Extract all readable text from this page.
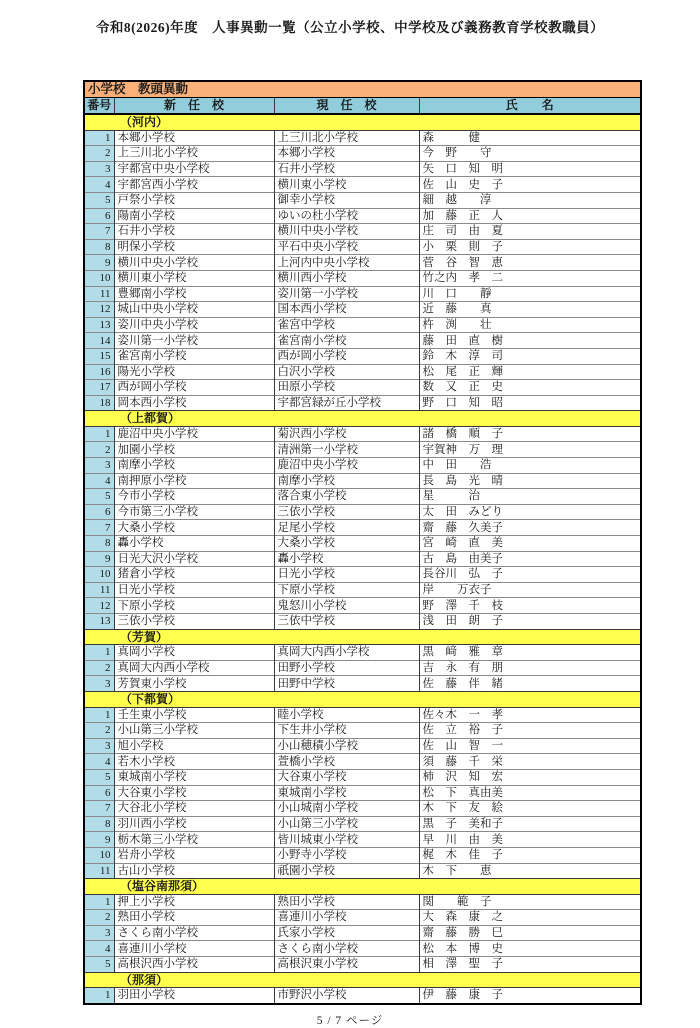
令和8(2026)年度　人事異動一覧（公立小学校、中学校及び義務教育学校教職員）
小学校　教頭異動			
番号	新　任　校	現　任　校	氏　　名
（河内）			
1	本郷小学校	上三川北小学校	森　　　健
2	上三川北小学校	本郷小学校	今　野　　守
3	宇都宮中央小学校	石井小学校	矢　口　知　明
4	宇都宮西小学校	横川東小学校	佐　山　史　子
5	戸祭小学校	御幸小学校	細　越　　淳
6	陽南小学校	ゆいの杜小学校	加　藤　正　人
7	石井小学校	横川中央小学校	庄　司　由　夏
8	明保小学校	平石中央小学校	小　栗　則　子
9	横川中央小学校	上河内中央小学校	菅　谷　智　恵
10	横川東小学校	横川西小学校	竹之内　孝　二
11	豊郷南小学校	姿川第一小学校	川　口　　靜
12	城山中央小学校	国本西小学校	近　藤　　真
13	姿川中央小学校	雀宮中学校	杵　渕　　壮
14	姿川第一小学校	雀宮南小学校	藤　田　直　樹
15	雀宮南小学校	西が岡小学校	鈴　木　淳　司
16	陽光小学校	白沢小学校	松　尾　正　輝
17	西が岡小学校	田原小学校	数　又　正　史
18	岡本西小学校	宇都宮緑が丘小学校	野　口　知　昭
（上都賀）			
1	鹿沼中央小学校	菊沢西小学校	諸　橋　順　子
2	加園小学校	清洲第一小学校	宇賀神　万　理
3	南摩小学校	鹿沼中央小学校	中　田　　浩
4	南押原小学校	南摩小学校	長　島　光　晴
5	今市小学校	落合東小学校	星　　　治
6	今市第三小学校	三依小学校	太　田　みどり
7	大桑小学校	足尾小学校	齋　藤　久美子
8	轟小学校	大桑小学校	宮　崎　直　美
9	日光大沢小学校	轟小学校	古　島　由美子
10	猪倉小学校	日光小学校	長谷川　弘　子
11	日光小学校	下原小学校	岸　　万衣子
12	下原小学校	鬼怒川小学校	野　澤　千　枝
13	三依小学校	三依中学校	浅　田　朗　子
（芳賀）			
1	真岡小学校	真岡大内西小学校	黒　﨑　雅　章
2	真岡大内西小学校	田野小学校	吉　永　有　朋
3	芳賀東小学校	田野中学校	佐　藤　伴　緒
（下都賀）			
1	壬生東小学校	睦小学校	佐々木　一　孝
2	小山第三小学校	下生井小学校	佐　立　裕　子
3	旭小学校	小山穂積小学校	佐　山　智　一
4	若木小学校	萱橋小学校	須　藤　千　栄
5	東城南小学校	大谷東小学校	柿　沢　知　宏
6	大谷東小学校	東城南小学校	松　下　真由美
7	大谷北小学校	小山城南小学校	木　下　友　絵
8	羽川西小学校	小山第三小学校	黒　子　美和子
9	栃木第三小学校	皆川城東小学校	早　川　由　美
10	岩舟小学校	小野寺小学校	梶　木　佳　子
11	古山小学校	祇園小学校	木　下　　恵
（塩谷南那須）			
1	押上小学校	熟田小学校	関　　範　子
2	熟田小学校	喜連川小学校	大　森　康　之
3	さくら南小学校	氏家小学校	齋　藤　勝　巳
4	喜連川小学校	さくら南小学校	松　本　博　史
5	高根沢西小学校	高根沢東小学校	相　澤　聖　子
（那須）			
1	羽田小学校	市野沢小学校	伊　藤　康　子
5 / 7 ページ
